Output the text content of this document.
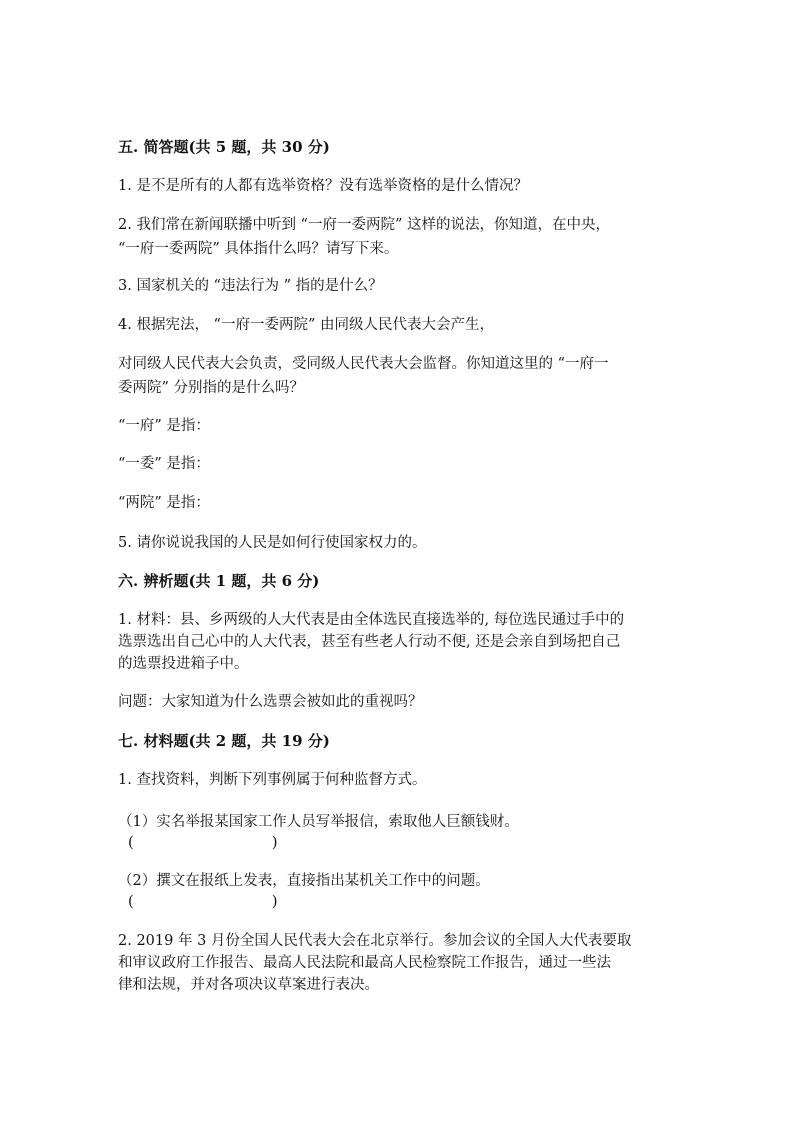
五. 简答题(共 5 题，共 30 分)
1. 是不是所有的人都有选举资格？没有选举资格的是什么情况？
2. 我们常在新闻联播中听到 “一府一委两院” 这样的说法，你知道，在中央，
“一府一委两院” 具体指什么吗？请写下来。
3. 国家机关的 “违法行为 ” 指的是什么？
4. 根据宪法， “一府一委两院” 由同级人民代表大会产生，
对同级人民代表大会负责，受同级人民代表大会监督。你知道这里的 “一府一
委两院” 分别指的是什么吗？
“一府” 是指：
“一委” 是指：
“两院” 是指：
5. 请你说说我国的人民是如何行使国家权力的。
六. 辨析题(共 1 题，共 6 分)
1. 材料：县、乡两级的人大代表是由全体选民直接选举的, 每位选民通过手中的
选票选出自己心中的人大代表，甚至有些老人行动不便, 还是会亲自到场把自己
的选票投进箱子中。
问题：大家知道为什么选票会被如此的重视吗？
七. 材料题(共 2 题，共 19 分)
1. 查找资料，判断下列事例属于何种监督方式。
（1）实名举报某国家工作人员写举报信，索取他人巨额钱财。
(                              )
（2）撰文在报纸上发表，直接指出某机关工作中的问题。
(                              )
2. 2019 年 3 月份全国人民代表大会在北京举行。参加会议的全国人大代表要取
和审议政府工作报告、最高人民法院和最高人民检察院工作报告，通过一些法
律和法规，并对各项决议草案进行表决。
